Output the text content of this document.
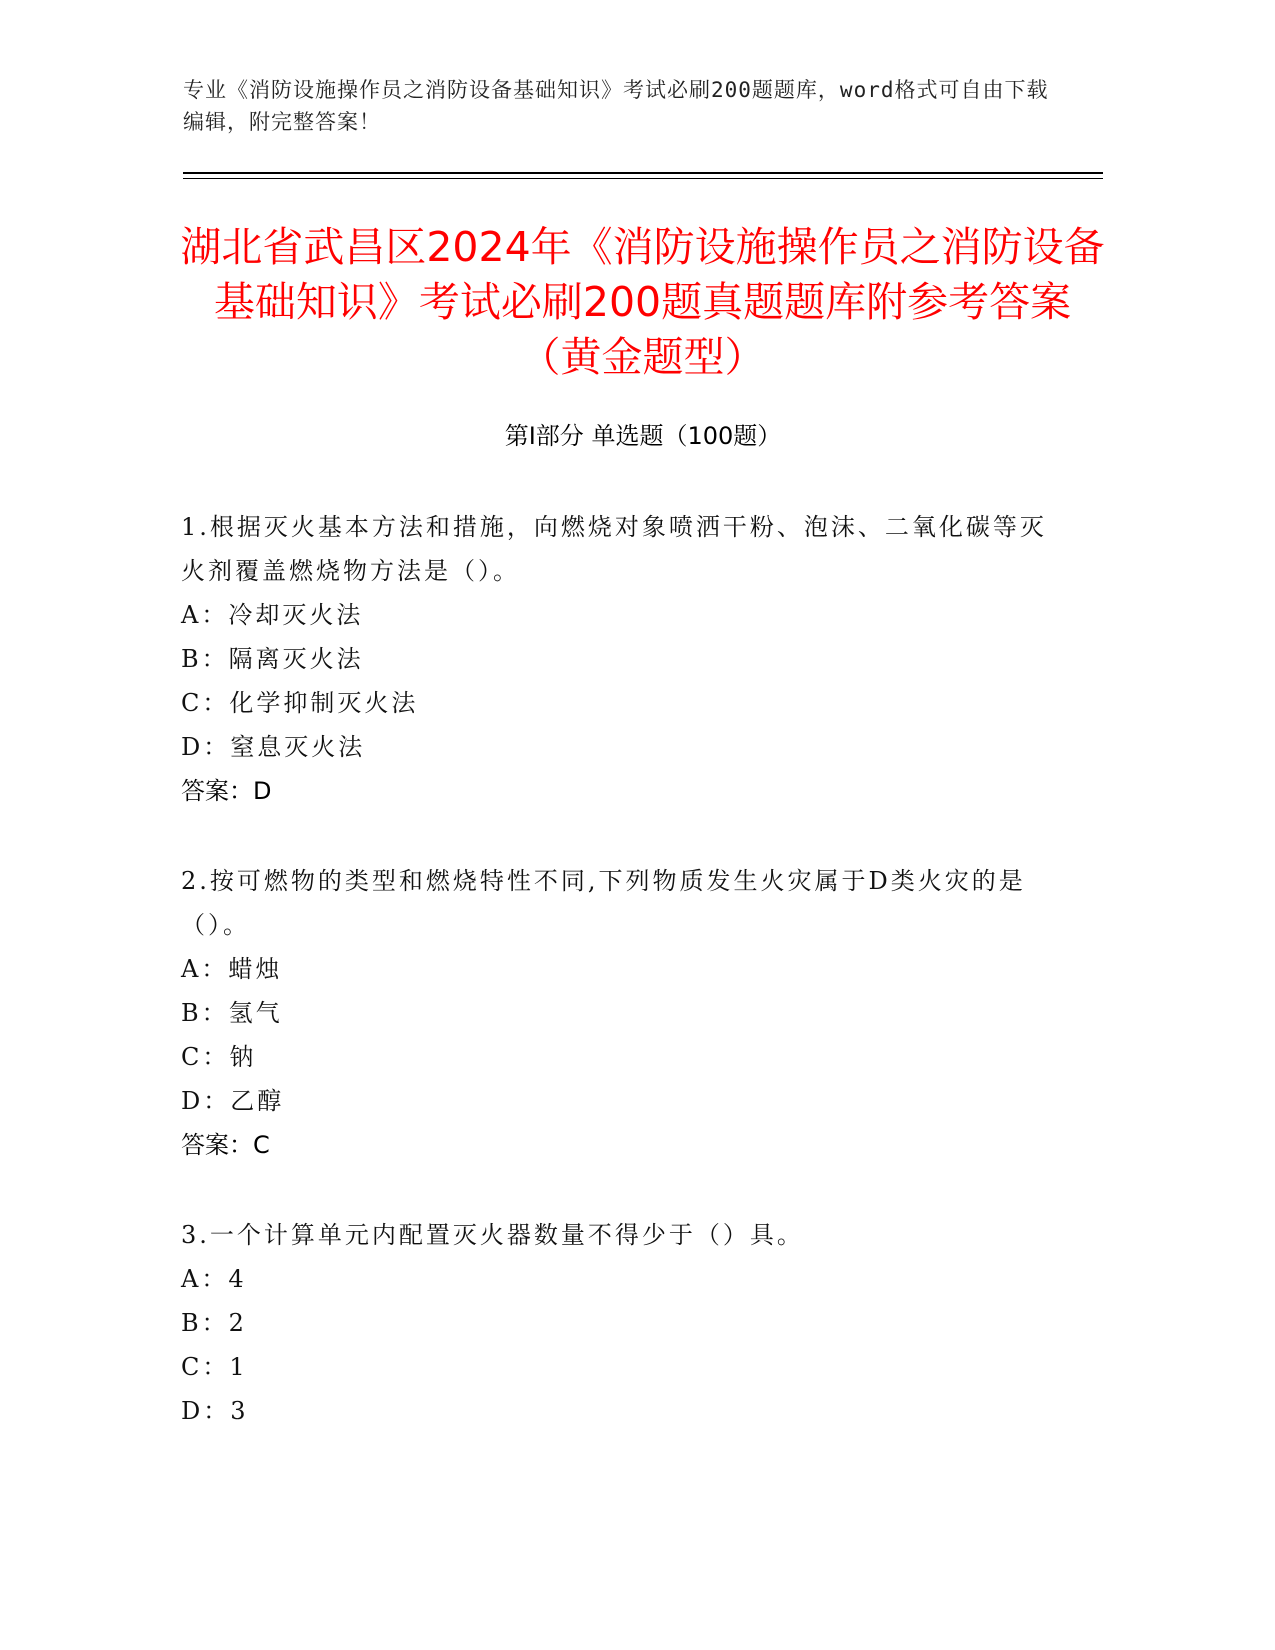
专业《消防设施操作员之消防设备基础知识》考试必刷200题题库，word格式可自由下载编辑，附完整答案！
湖北省武昌区2024年《消防设施操作员之消防设备基础知识》考试必刷200题真题题库附参考答案（黄金题型）
第I部分 单选题（100题）
1.根据灭火基本方法和措施，向燃烧对象喷洒干粉、泡沫、二氧化碳等灭火剂覆盖燃烧物方法是（）。
A：冷却灭火法
B：隔离灭火法
C：化学抑制灭火法
D：窒息灭火法
答案：D
2.按可燃物的类型和燃烧特性不同,下列物质发生火灾属于D类火灾的是（）。
A：蜡烛
B：氢气
C：钠
D：乙醇
答案：C
3.一个计算单元内配置灭火器数量不得少于（）具。
A：4
B：2
C：1
D：3
